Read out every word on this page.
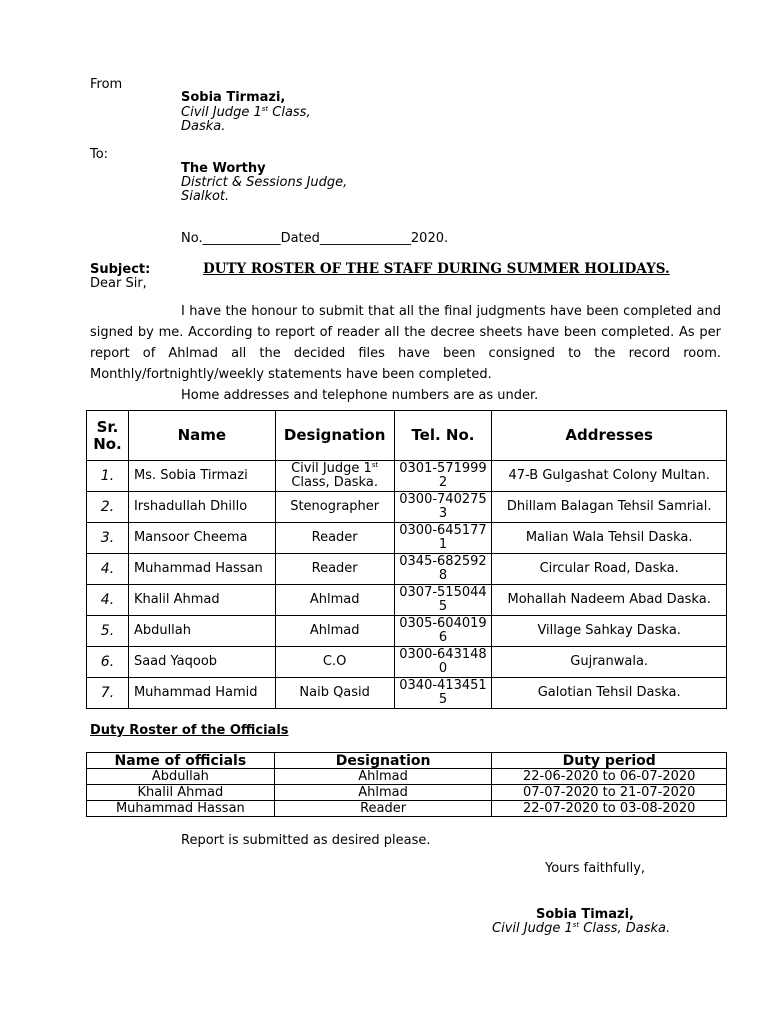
From
Sobia Tirmazi,
Civil Judge 1st Class,
Daska.
To:
The Worthy
District & Sessions Judge,
Sialkot.
No.____________Dated______________2020.
Subject:	DUTY ROSTER OF THE STAFF DURING SUMMER HOLIDAYS.
Dear Sir,
I have the honour to submit that all the final judgments have been completed and signed by me. According to report of reader all the decree sheets have been completed. As per report of Ahlmad all the decided files have been consigned to the record room. Monthly/fortnightly/weekly statements have been completed.
Home addresses and telephone numbers are as under.
Sr. No.	Name	Designation	Tel. No.	Addresses
1.	Ms. Sobia Tirmazi	Civil Judge 1st Class, Daska.	0301-5719992	47-B Gulgashat Colony Multan.
2.	Irshadullah Dhillo	Stenographer	0300-7402753	Dhillam Balagan Tehsil Samrial.
3.	Mansoor Cheema	Reader	0300-6451771	Malian Wala Tehsil Daska.
4.	Muhammad Hassan	Reader	0345-6825928	Circular Road, Daska.
4.	Khalil Ahmad	Ahlmad	0307-5150445	Mohallah Nadeem Abad Daska.
5.	Abdullah	Ahlmad	0305-6040196	Village Sahkay Daska.
6.	Saad Yaqoob	C.O	0300-6431480	Gujranwala.
7.	Muhammad Hamid	Naib Qasid	0340-4134515	Galotian Tehsil Daska.
Duty Roster of the Officials
Name of officials	Designation	Duty period
Abdullah	Ahlmad	22-06-2020 to 06-07-2020
Khalil Ahmad	Ahlmad	07-07-2020 to 21-07-2020
Muhammad Hassan	Reader	22-07-2020 to 03-08-2020
Report is submitted as desired please.
Yours faithfully,
Sobia Timazi,
Civil Judge 1st Class, Daska.
